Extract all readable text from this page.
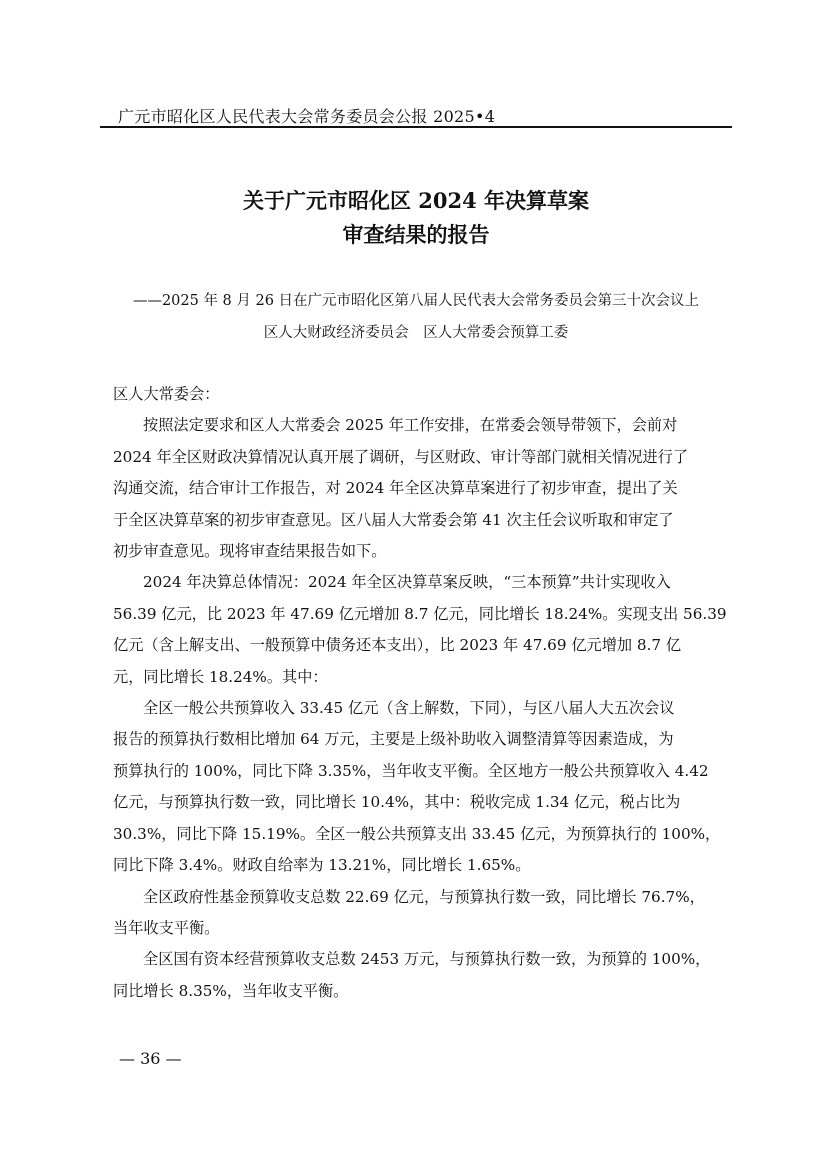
广元市昭化区人民代表大会常务委员会公报 2025•4
关于广元市昭化区 2024 年决算草案
审查结果的报告
——2025 年 8 月 26 日在广元市昭化区第八届人民代表大会常务委员会第三十次会议上
区人大财政经济委员会　区人大常委会预算工委

区人大常委会：

按照法定要求和区人大常委会 2025 年工作安排，在常委会领导带领下，会前对

2024 年全区财政决算情况认真开展了调研，与区财政、审计等部门就相关情况进行了

沟通交流，结合审计工作报告，对 2024 年全区决算草案进行了初步审查，提出了关

于全区决算草案的初步审查意见。区八届人大常委会第 41 次主任会议听取和审定了

初步审查意见。现将审查结果报告如下。

2024 年决算总体情况：2024 年全区决算草案反映，“三本预算”共计实现收入

56.39 亿元，比 2023 年 47.69 亿元增加 8.7 亿元，同比增长 18.24%。实现支出 56.39

亿元（含上解支出、一般预算中债务还本支出），比 2023 年 47.69 亿元增加 8.7 亿

元，同比增长 18.24%。其中：

全区一般公共预算收入 33.45 亿元（含上解数，下同），与区八届人大五次会议

报告的预算执行数相比增加 64 万元，主要是上级补助收入调整清算等因素造成，为

预算执行的 100%，同比下降 3.35%，当年收支平衡。全区地方一般公共预算收入 4.42

亿元，与预算执行数一致，同比增长 10.4%，其中：税收完成 1.34 亿元，税占比为

30.3%，同比下降 15.19%。全区一般公共预算支出 33.45 亿元，为预算执行的 100%，

同比下降 3.4%。财政自给率为 13.21%，同比增长 1.65%。

全区政府性基金预算收支总数 22.69 亿元，与预算执行数一致，同比增长 76.7%，

当年收支平衡。

全区国有资本经营预算收支总数 2453 万元，与预算执行数一致，为预算的 100%，

同比增长 8.35%，当年收支平衡。

— 36 —
